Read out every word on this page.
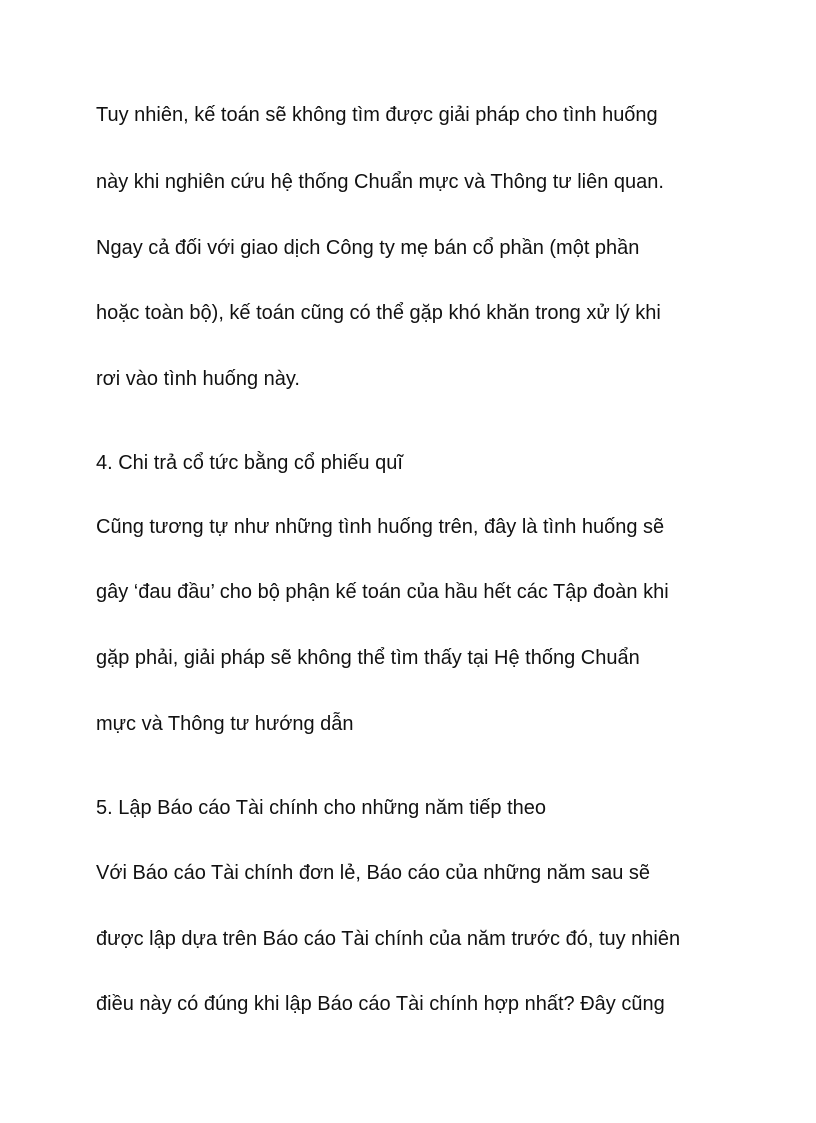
Tuy nhiên, kế toán sẽ không tìm được giải pháp cho tình huống
này khi nghiên cứu hệ thống Chuẩn mực và Thông tư liên quan.
Ngay cả đối với giao dịch Công ty mẹ bán cổ phần (một phần
hoặc toàn bộ), kế toán cũng có thể gặp khó khăn trong xử lý khi
rơi vào tình huống này.
4. Chi trả cổ tức bằng cổ phiếu quĩ
Cũng tương tự như những tình huống trên, đây là tình huống sẽ
gây ‘đau đầu’ cho bộ phận kế toán của hầu hết các Tập đoàn khi
gặp phải, giải pháp sẽ không thể tìm thấy tại Hệ thống Chuẩn
mực và Thông tư hướng dẫn
5. Lập Báo cáo Tài chính cho những năm tiếp theo
Với Báo cáo Tài chính đơn lẻ, Báo cáo của những năm sau sẽ
được lập dựa trên Báo cáo Tài chính của năm trước đó, tuy nhiên
điều này có đúng khi lập Báo cáo Tài chính hợp nhất? Đây cũng
